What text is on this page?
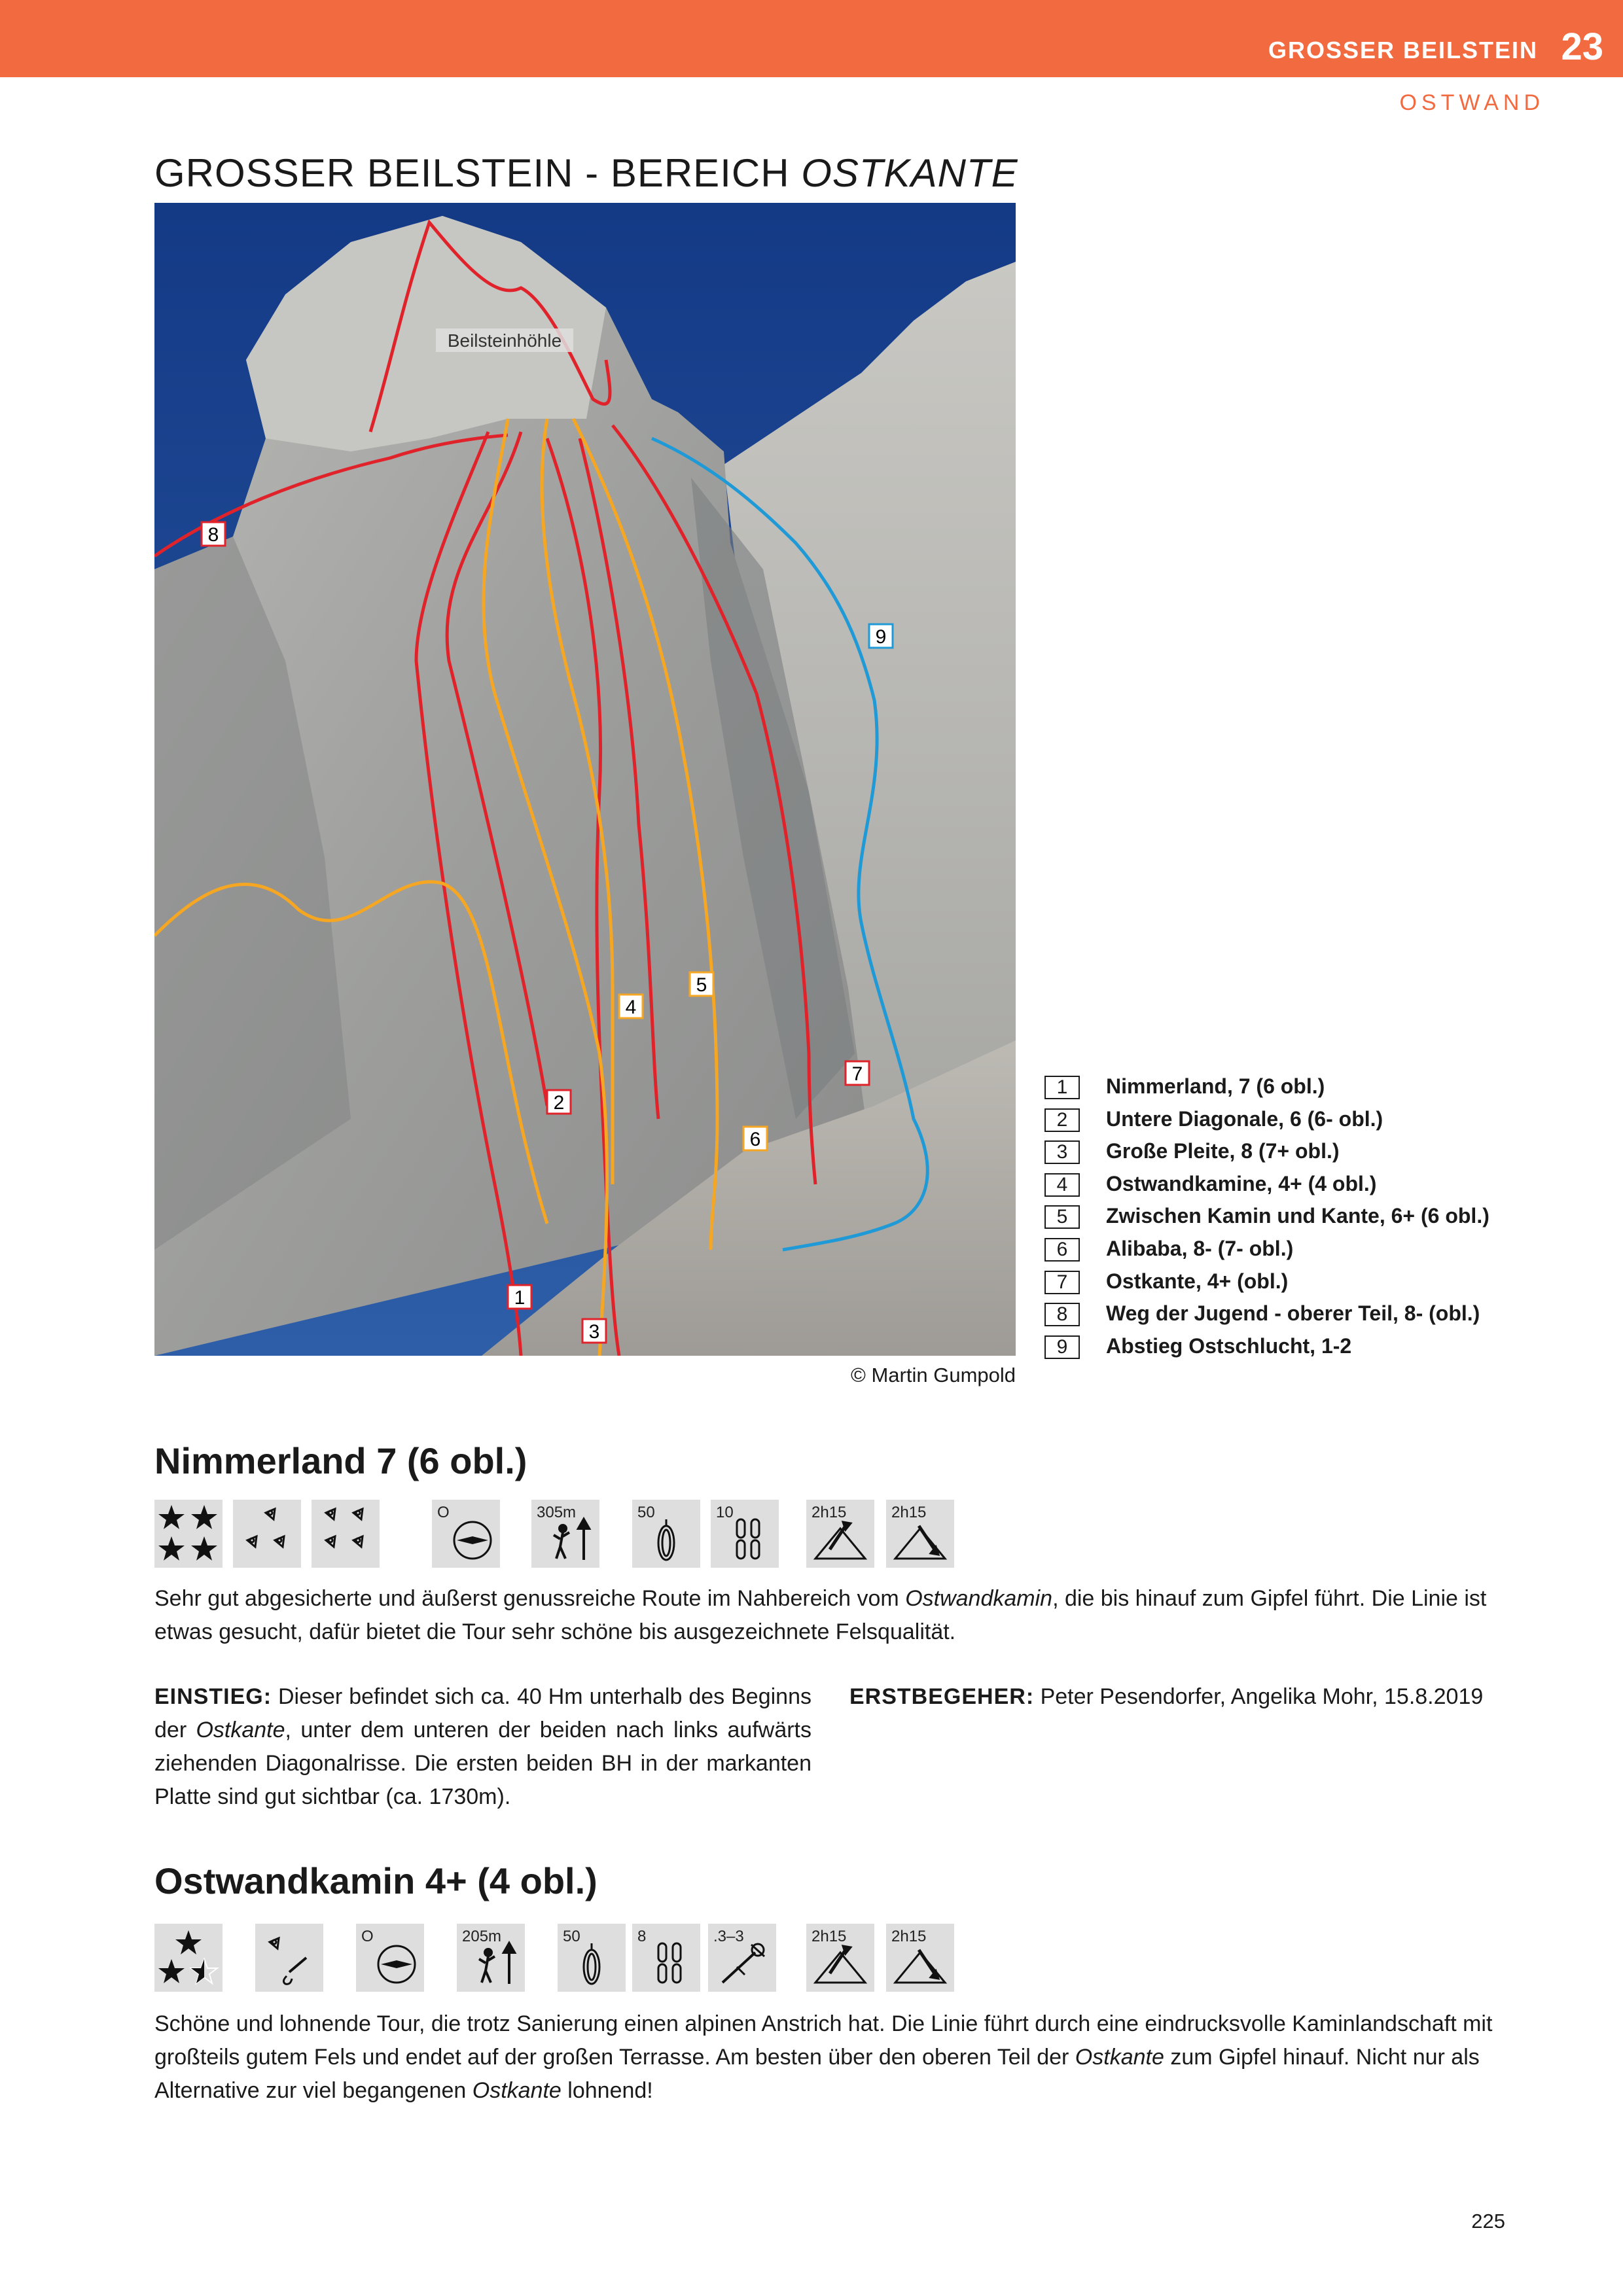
GROSSER BEILSTEIN 23
OSTWAND
GROSSER BEILSTEIN - BEREICH OSTKANTE
8
9
4
5
7
2
6
1
3
Beilsteinhöhle
© Martin Gumpold
1	Nimmerland, 7 (6 obl.)
2	Untere Diagonale, 6 (6- obl.)
3	Große Pleite, 8 (7+ obl.)
4	Ostwandkamine, 4+ (4 obl.)
5	Zwischen Kamin und Kante, 6+ (6 obl.)
6	Alibaba, 8- (7- obl.)
7	Ostkante, 4+ (obl.)
8	Weg der Jugend - oberer Teil, 8- (obl.)
9	Abstieg Ostschlucht, 1-2
Nimmerland 7 (6 obl.)
O	305m	50	10	2h15	2h15
Sehr gut abgesicherte und äußerst genussreiche Route im Nahbereich vom Ostwandkamin, die bis hinauf zum Gipfel führt. Die Linie ist etwas gesucht, dafür bietet die Tour sehr schöne bis ausgezeichnete Felsqualität.
EINSTIEG: Dieser befindet sich ca. 40 Hm unterhalb des Beginns der Ostkante, unter dem unteren der beiden nach links aufwärts ziehenden Diagonalrisse. Die ersten beiden BH in der markanten Platte sind gut sichtbar (ca. 1730m).
ERSTBEGEHER: Peter Pesendorfer, Angelika Mohr, 15.8.2019
Ostwandkamin 4+ (4 obl.)
O	205m	50	8	.3–3	2h15	2h15
Schöne und lohnende Tour, die trotz Sanierung einen alpinen Anstrich hat. Die Linie führt durch eine eindrucksvolle Kaminlandschaft mit großteils gutem Fels und endet auf der großen Terrasse. Am besten über den oberen Teil der Ostkante zum Gipfel hinauf. Nicht nur als Alternative zur viel begangenen Ostkante lohnend!
225
